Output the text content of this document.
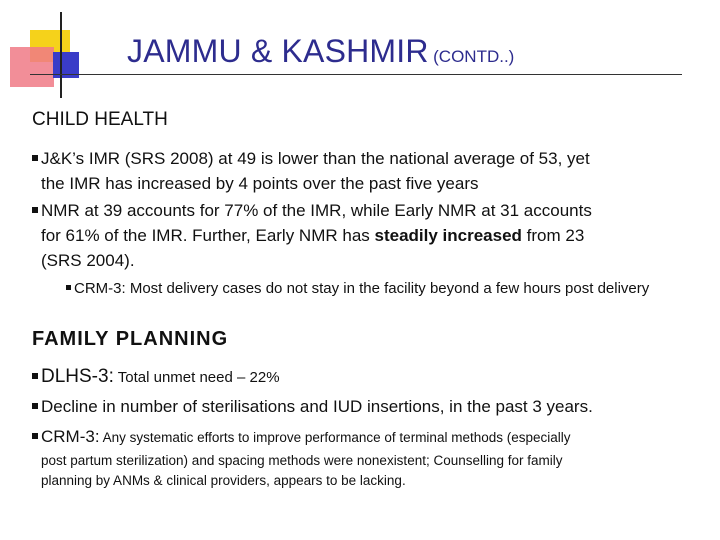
JAMMU & KASHMIR (CONTD..)
CHILD HEALTH
J&K’s IMR (SRS 2008) at 49 is lower than the national average of 53, yet
the IMR has increased by 4 points over the past five years
NMR at 39 accounts for 77% of the IMR, while Early NMR at 31 accounts
for 61% of the IMR. Further, Early NMR has steadily increased from 23
(SRS 2004).
CRM-3: Most delivery cases do not stay in the facility beyond a few hours post delivery
FAMILY PLANNING
DLHS-3: Total unmet need – 22%
Decline in number of sterilisations and IUD insertions, in the past 3 years.
CRM-3: Any systematic efforts to improve performance of terminal methods (especially
post partum sterilization) and spacing methods were nonexistent; Counselling for family
planning by ANMs & clinical providers, appears to be lacking.
